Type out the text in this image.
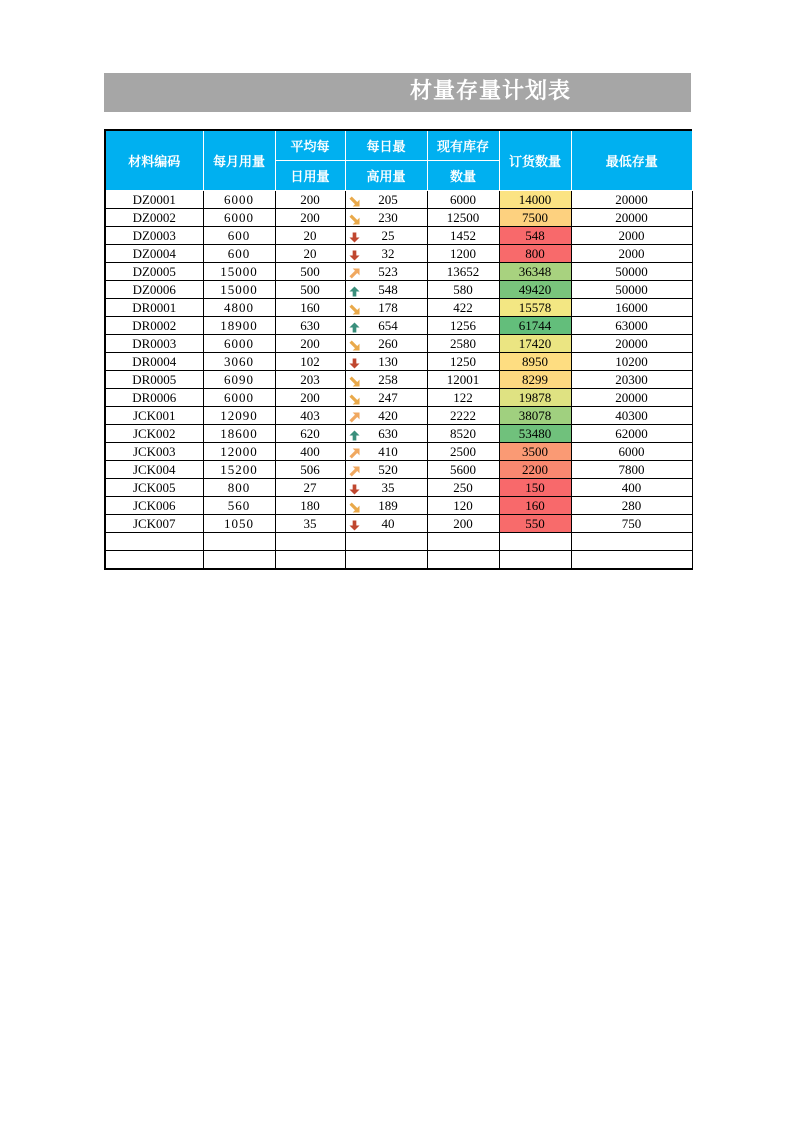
材量存量计划表
材料编码	每月用量	平均每	每日最	现有库存	订货数量	最低存量
		日用量	高用量	数量		
DZ0001	6000	200	205	6000	14000	20000
DZ0002	6000	200	230	12500	7500	20000
DZ0003	600	20	25	1452	548	2000
DZ0004	600	20	32	1200	800	2000
DZ0005	15000	500	523	13652	36348	50000
DZ0006	15000	500	548	580	49420	50000
DR0001	4800	160	178	422	15578	16000
DR0002	18900	630	654	1256	61744	63000
DR0003	6000	200	260	2580	17420	20000
DR0004	3060	102	130	1250	8950	10200
DR0005	6090	203	258	12001	8299	20300
DR0006	6000	200	247	122	19878	20000
JCK001	12090	403	420	2222	38078	40300
JCK002	18600	620	630	8520	53480	62000
JCK003	12000	400	410	2500	3500	6000
JCK004	15200	506	520	5600	2200	7800
JCK005	800	27	35	250	150	400
JCK006	560	180	189	120	160	280
JCK007	1050	35	40	200	550	750
